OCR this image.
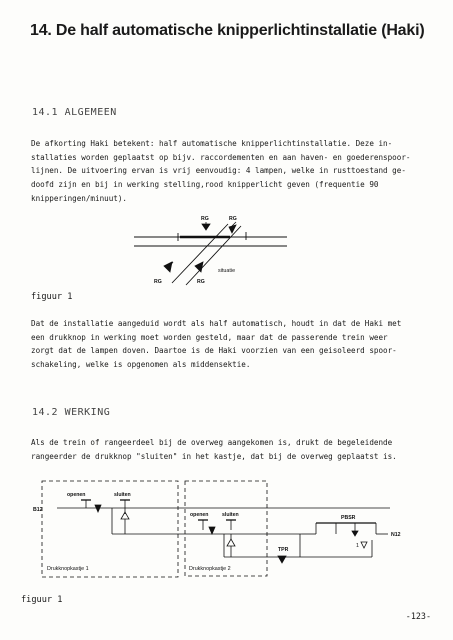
14. De half automatische knipperlichtinstallatie (Haki)
14.1 ALGEMEEN
De afkorting Haki betekent: half automatische knipperlichtinstallatie. Deze in-
stallaties worden geplaatst op bijv. raccordementen en aan haven- en goederenspoor-
lijnen. De uitvoering ervan is vrij eenvoudig: 4 lampen, welke in rusttoestand ge-
doofd zijn en bij in werking stelling,rood knipperlicht geven (frequentie 90
knipperingen/minuut).
RG	RG
RG	RG
situatie
figuur 1
Dat de installatie aangeduid wordt als half automatisch, houdt in dat de Haki met
een drukknop in werking moet worden gesteld, maar dat de passerende trein weer
zorgt dat de lampen doven. Daartoe is de Haki voorzien van een geisoleerd spoor-
schakeling, welke is opgenomen als middensektie.
14.2 WERKING
Als de trein of rangeerdeel bij de overweg aangekomen is, drukt de begeleidende
rangeerder de drukknop "sluiten" in het kastje, dat bij de overweg geplaatst is.
openen	sluiten
B12
Drukknopkastje 1
openen	sluiten
Drukknopkastje 2
PBSR
N12
TPR
1
figuur 1
-123-
